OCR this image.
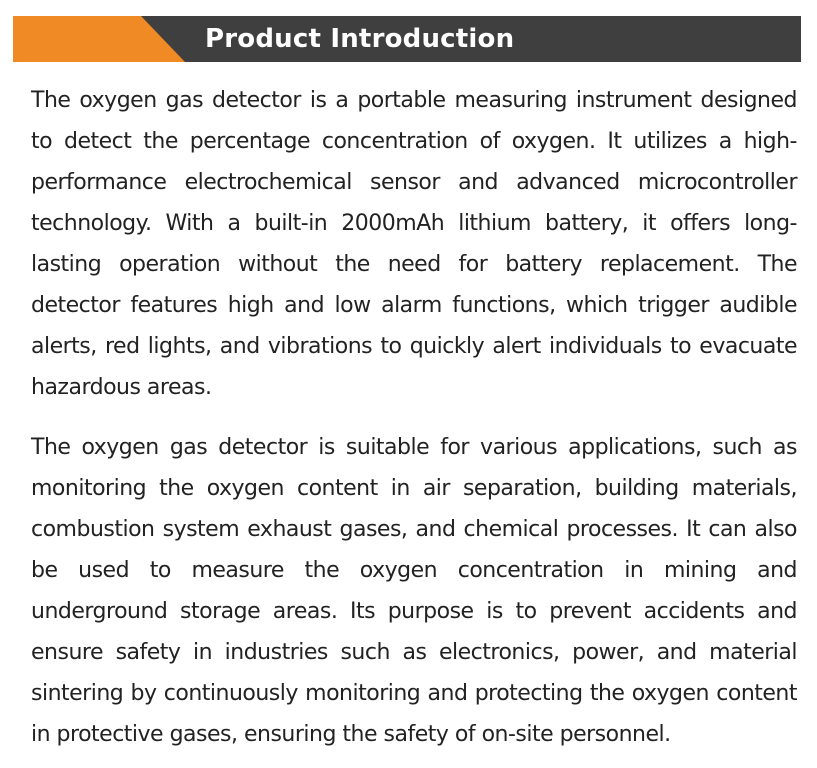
Product Introduction

The oxygen gas detector is a portable measuring instrument designed to detect the percentage concentration of oxygen. It utilizes a high-performance electrochemical sensor and advanced microcontroller technology. With a built-in 2000mAh lithium battery, it offers long-lasting operation without the need for battery replacement. The detector features high and low alarm functions, which trigger audible alerts, red lights, and vibrations to quickly alert individuals to evacuate hazardous areas.

The oxygen gas detector is suitable for various applications, such as monitoring the oxygen content in air separation, building materials, combustion system exhaust gases, and chemical processes. It can also be used to measure the oxygen concentration in mining and underground storage areas. Its purpose is to prevent accidents and ensure safety in industries such as electronics, power, and material sintering by continuously monitoring and protecting the oxygen content in protective gases, ensuring the safety of on-site personnel.
